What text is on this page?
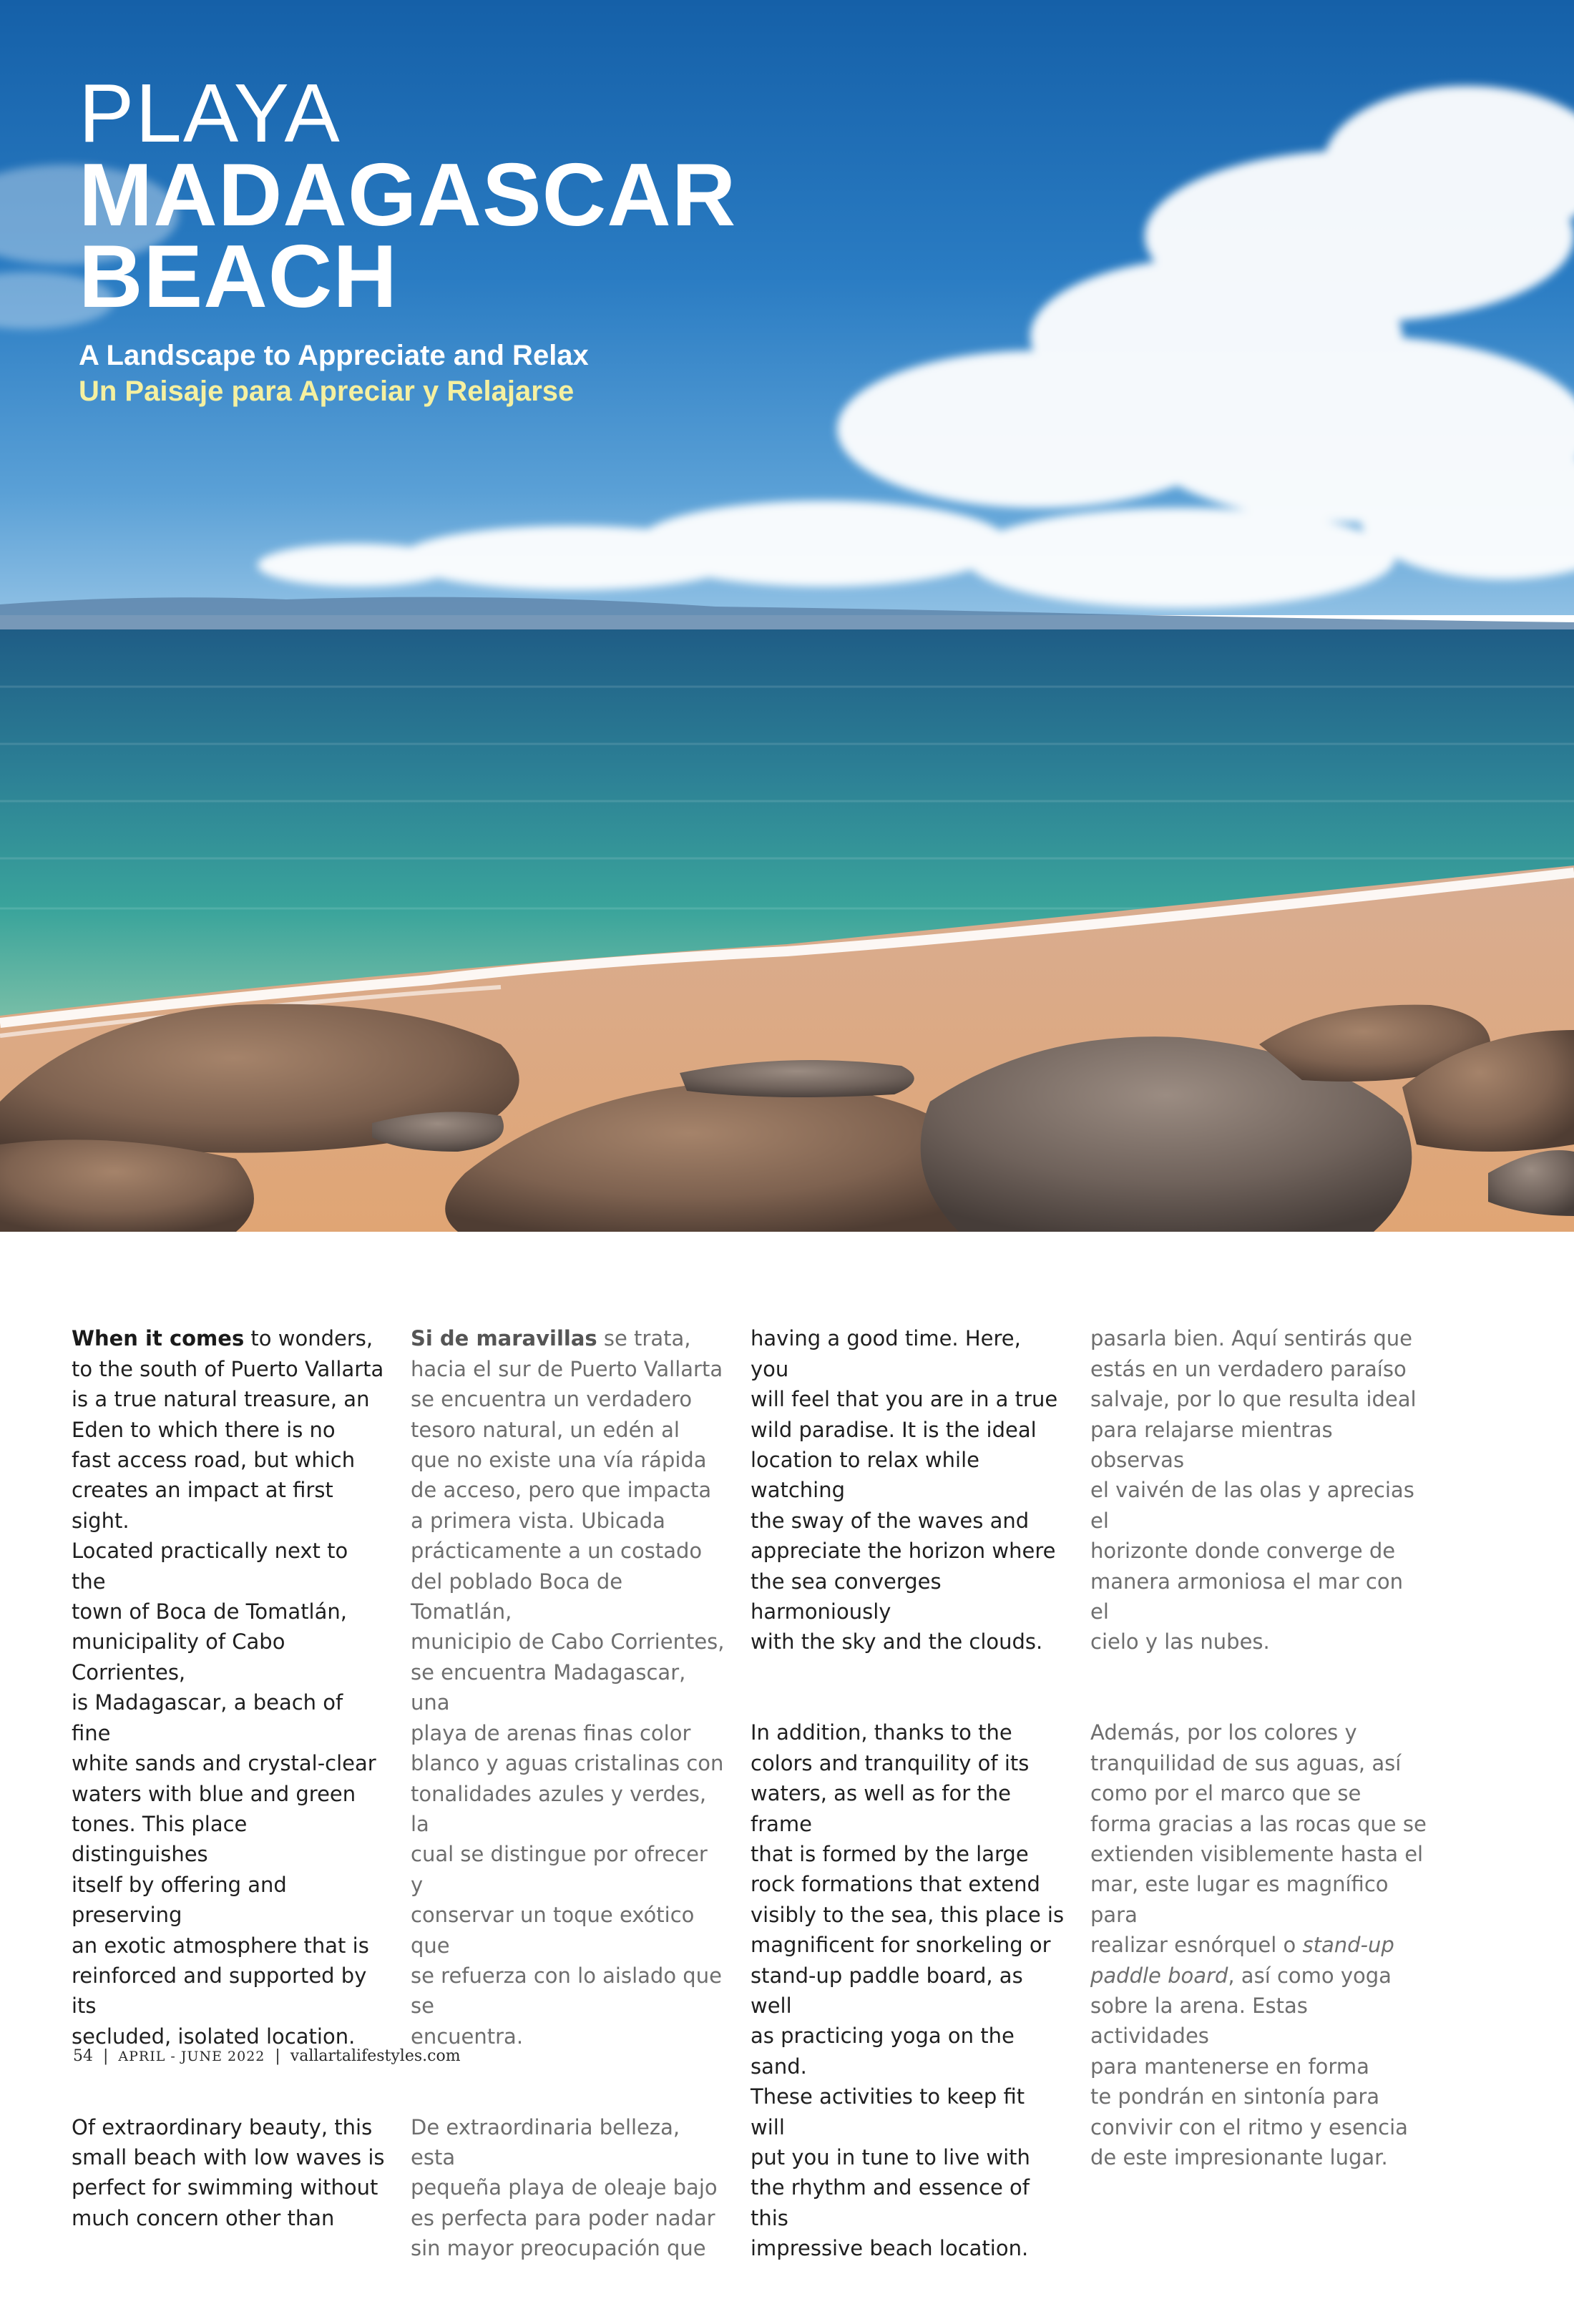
PLAYA
MADAGASCAR
BEACH
A Landscape to Appreciate and Relax
Un Paisaje para Apreciar y Relajarse

When it comes to wonders,
to the south of Puerto Vallarta
is a true natural treasure, an
Eden to which there is no
fast access road, but which
creates an impact at first sight.
Located practically next to the
town of Boca de Tomatlán,
municipality of Cabo Corrientes,
is Madagascar, a beach of fine
white sands and crystal-clear
waters with blue and green
tones. This place distinguishes
itself by offering and preserving
an exotic atmosphere that is
reinforced and supported by its
secluded, isolated location.

Of extraordinary beauty, this
small beach with low waves is
perfect for swimming without
much concern other than

Si de maravillas se trata,
hacia el sur de Puerto Vallarta
se encuentra un verdadero
tesoro natural, un edén al
que no existe una vía rápida
de acceso, pero que impacta
a primera vista. Ubicada
prácticamente a un costado
del poblado Boca de Tomatlán,
municipio de Cabo Corrientes,
se encuentra Madagascar, una
playa de arenas finas color
blanco y aguas cristalinas con
tonalidades azules y verdes, la
cual se distingue por ofrecer y
conservar un toque exótico que
se refuerza con lo aislado que se
encuentra.

De extraordinaria belleza, esta
pequeña playa de oleaje bajo
es perfecta para poder nadar
sin mayor preocupación que

having a good time. Here, you
will feel that you are in a true
wild paradise. It is the ideal
location to relax while watching
the sway of the waves and
appreciate the horizon where
the sea converges harmoniously
with the sky and the clouds.

In addition, thanks to the
colors and tranquility of its
waters, as well as for the frame
that is formed by the large
rock formations that extend
visibly to the sea, this place is
magnificent for snorkeling or
stand-up paddle board, as well
as practicing yoga on the sand.
These activities to keep fit will
put you in tune to live with
the rhythm and essence of this
impressive beach location.

pasarla bien. Aquí sentirás que
estás en un verdadero paraíso
salvaje, por lo que resulta ideal
para relajarse mientras observas
el vaivén de las olas y aprecias el
horizonte donde converge de
manera armoniosa el mar con el
cielo y las nubes.

Además, por los colores y
tranquilidad de sus aguas, así
como por el marco que se
forma gracias a las rocas que se
extienden visiblemente hasta el
mar, este lugar es magnífico para
realizar esnórquel o stand-up
paddle board, así como yoga
sobre la arena. Estas actividades
para mantenerse en forma
te pondrán en sintonía para
convivir con el ritmo y esencia
de este impresionante lugar.

54 | APRIL - JUNE 2022 | vallartalifestyles.com
